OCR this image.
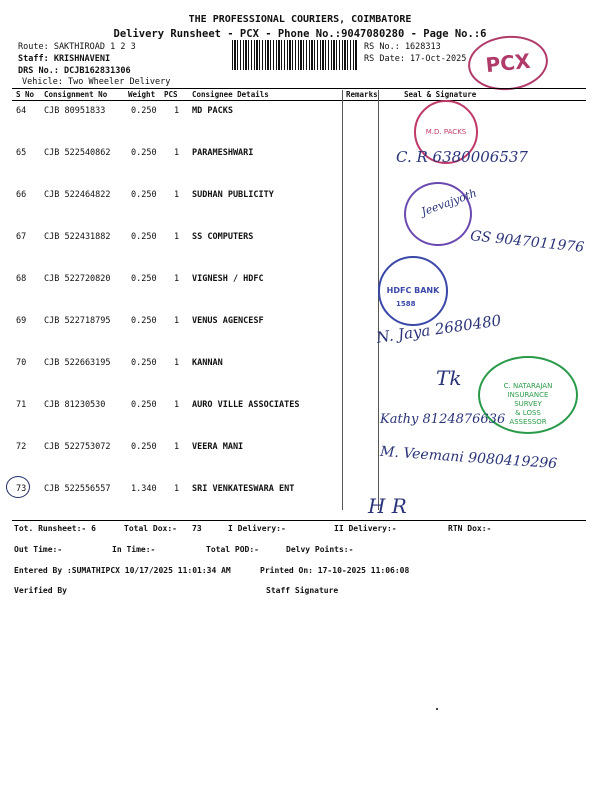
THE PROFESSIONAL COURIERS, COIMBATORE
Delivery Runsheet - PCX - Phone No.:9047080280 - Page No.:6
Route: SAKTHIROAD 1 2 3
Staff: KRISHNAVENI
DRS No.: DCJB162831306
Vehicle: Two Wheeler Delivery
RS No.: 1628313
RS Date: 17-Oct-2025 PCX
S No Consignment No	Weight PCS Consignee Details	Remarks	Seal & Signature
64 CJB 80951833	0.250 1 MD PACKS
65 CJB 522540862 0.250 1 PARAMESHWARI
66 CJB 522464822 0.250 1 SUDHAN PUBLICITY
67 CJB 522431882 0.250 1 SS COMPUTERS
68 CJB 522720820 0.250 1 VIGNESH / HDFC
69 CJB 522718795 0.250 1 VENUS AGENCESF
70 CJB 522663195 0.250 1 KANNAN
71 CJB 81230530	0.250 1 AURO VILLE ASSOCIATES
72 CJB 522753072 0.250 1 VEERA MANI
73 CJB 522556557 1.340 1 SRI VENKATESWARA ENT
M.D. PACKS
HDFC BANK
1588
C. NATARAJAN
INSURANCE
SURVEY
& LOSS
ASSESSOR
C. R 6380006537
Jeevajyoth
GS 9047011976
N. Jaya 2680480
Tk
Kathy 8124876636
M. Veemani 9080419296
H R
Tot. Runsheet:- 6	Total Dox:- 73	I Delivery:-	II Delivery:-	RTN Dox:-
Out Time:-	In Time:-	Total POD:-	Delvy Points:-
Entered By :SUMATHIPCX 10/17/2025 11:01:34 AM	Printed On: 17-10-2025 11:06:08
Verified By	Staff Signature
